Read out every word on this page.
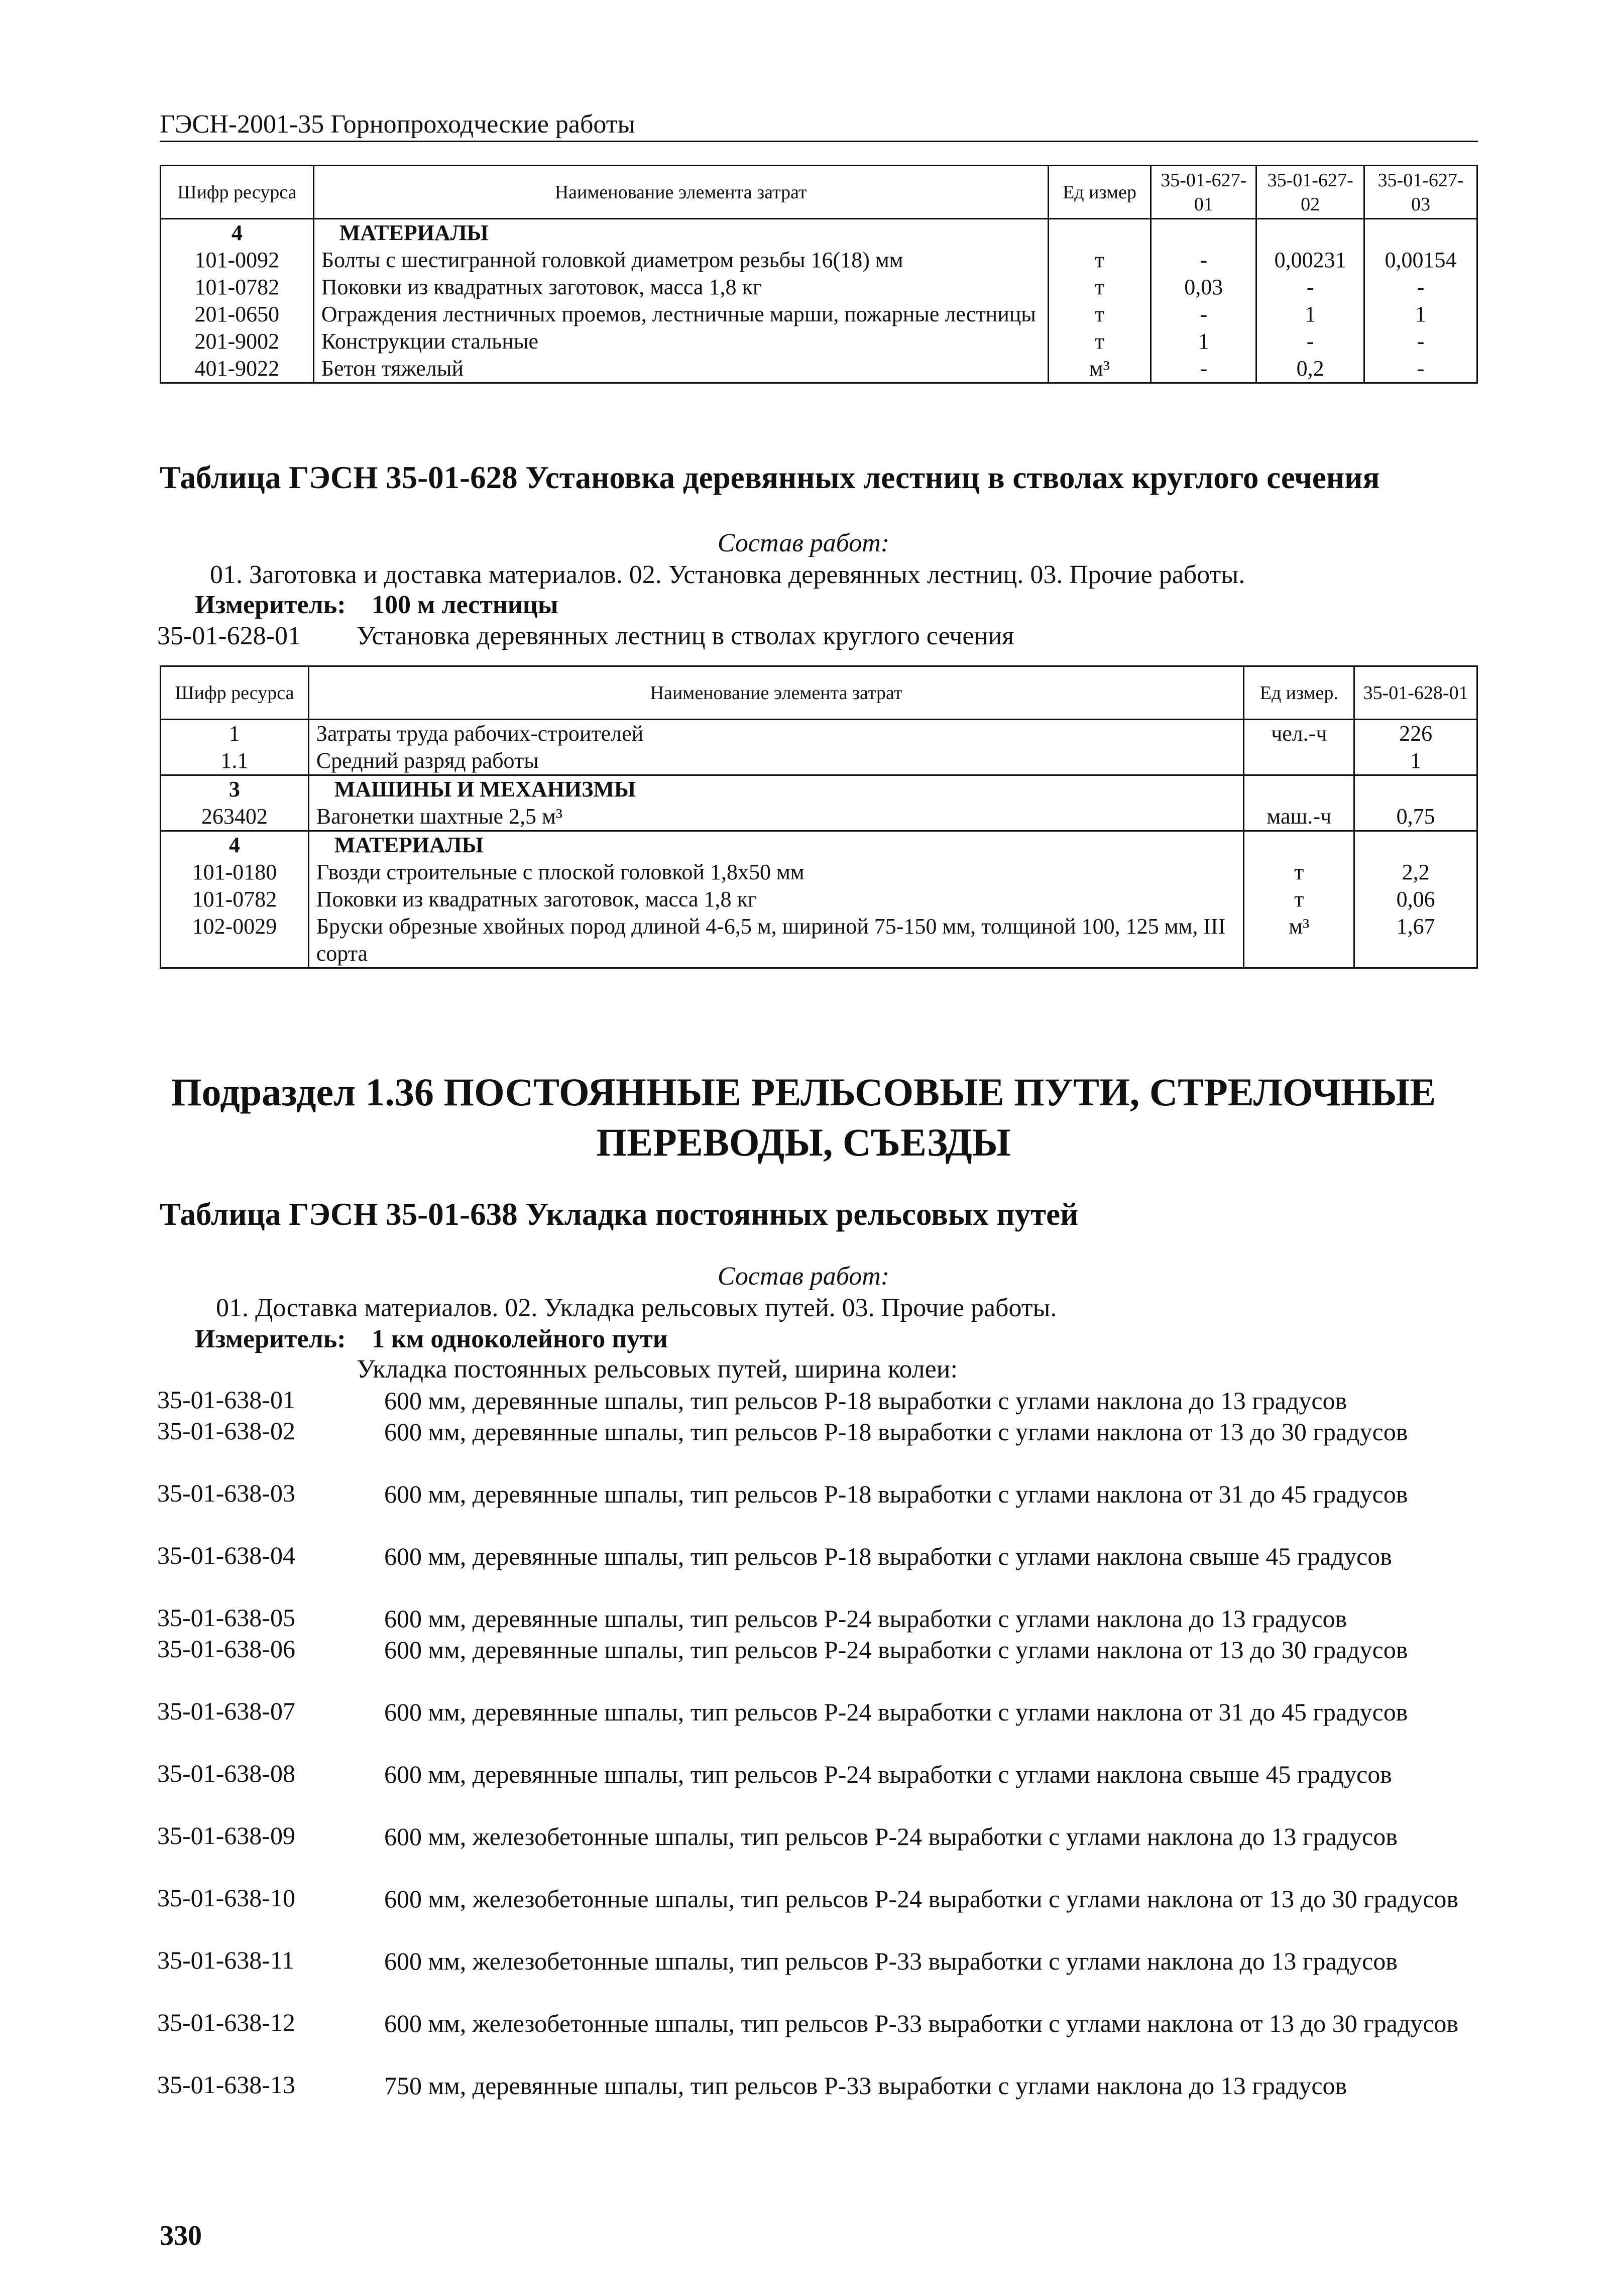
ГЭСН-2001-35 Горнопроходческие работы
Шифр ресурса	Наименование элемента затрат	Ед измер	35-01-627-01	35-01-627-02	35-01-627-03
4	МАТЕРИАЛЫ				
101-0092	Болты с шестигранной головкой диаметром резьбы 16(18) мм	т	-	0,00231	0,00154
101-0782	Поковки из квадратных заготовок, масса 1,8 кг	т	0,03	-	-
201-0650	Ограждения лестничных проемов, лестничные марши, пожарные лестницы	т	-	1	1
201-9002	Конструкции стальные	т	1	-	-
401-9022	Бетон тяжелый	м³	-	0,2	-
Таблица ГЭСН 35-01-628 Установка деревянных лестниц в стволах круглого сечения
Состав работ:
01. Заготовка и доставка материалов. 02. Установка деревянных лестниц. 03. Прочие работы.
Измеритель: 100 м лестницы
35-01-628-01 Установка деревянных лестниц в стволах круглого сечения
Шифр ресурса	Наименование элемента затрат	Ед измер.	35-01-628-01
1	Затраты труда рабочих-строителей	чел.-ч	226
1.1	Средний разряд работы		1
3	МАШИНЫ И МЕХАНИЗМЫ		
263402	Вагонетки шахтные 2,5 м³	маш.-ч	0,75
4	МАТЕРИАЛЫ		
101-0180	Гвозди строительные с плоской головкой 1,8x50 мм	т	2,2
101-0782	Поковки из квадратных заготовок, масса 1,8 кг	т	0,06
102-0029	Бруски обрезные хвойных пород длиной 4-6,5 м, шириной 75-150 мм, толщиной 100, 125 мм, III сорта	м³	1,67
Подраздел 1.36 ПОСТОЯННЫЕ РЕЛЬСОВЫЕ ПУТИ, СТРЕЛОЧНЫЕ
ПЕРЕВОДЫ, СЪЕЗДЫ
Таблица ГЭСН 35-01-638 Укладка постоянных рельсовых путей
Состав работ:
01. Доставка материалов. 02. Укладка рельсовых путей. 03. Прочие работы.
Измеритель: 1 км одноколейного пути
Укладка постоянных рельсовых путей, ширина колеи:
35-01-638-01	600 мм, деревянные шпалы, тип рельсов Р-18 выработки с углами наклона до 13 градусов
35-01-638-02	600 мм, деревянные шпалы, тип рельсов Р-18 выработки с углами наклона от 13 до 30 градусов
35-01-638-03	600 мм, деревянные шпалы, тип рельсов Р-18 выработки с углами наклона от 31 до 45 градусов
35-01-638-04	600 мм, деревянные шпалы, тип рельсов Р-18 выработки с углами наклона свыше 45 градусов
35-01-638-05	600 мм, деревянные шпалы, тип рельсов Р-24 выработки с углами наклона до 13 градусов
35-01-638-06	600 мм, деревянные шпалы, тип рельсов Р-24 выработки с углами наклона от 13 до 30 градусов
35-01-638-07	600 мм, деревянные шпалы, тип рельсов Р-24 выработки с углами наклона от 31 до 45 градусов
35-01-638-08	600 мм, деревянные шпалы, тип рельсов Р-24 выработки с углами наклона свыше 45 градусов
35-01-638-09	600 мм, железобетонные шпалы, тип рельсов Р-24 выработки с углами наклона до 13 градусов
35-01-638-10	600 мм, железобетонные шпалы, тип рельсов Р-24 выработки с углами наклона от 13 до 30 градусов
35-01-638-11	600 мм, железобетонные шпалы, тип рельсов Р-33 выработки с углами наклона до 13 градусов
35-01-638-12	600 мм, железобетонные шпалы, тип рельсов Р-33 выработки с углами наклона от 13 до 30 градусов
35-01-638-13	750 мм, деревянные шпалы, тип рельсов Р-33 выработки с углами наклона до 13 градусов
330
